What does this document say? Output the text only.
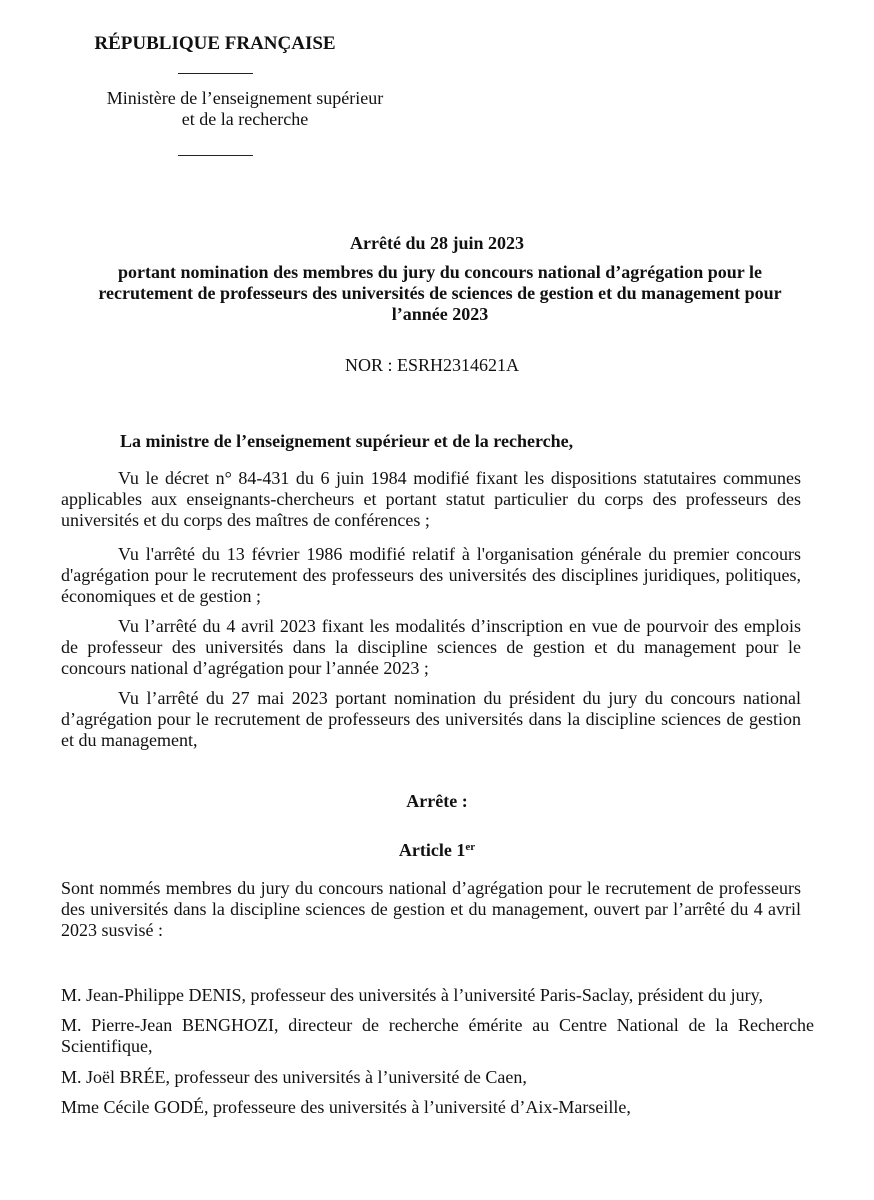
RÉPUBLIQUE FRANÇAISE

Ministère de l’enseignement supérieur
et de la recherche

Arrêté du 28 juin 2023

portant nomination des membres du jury du concours national d’agrégation pour le recrutement de professeurs des universités de sciences de gestion et du management pour l’année 2023

NOR : ESRH2314621A

La ministre de l’enseignement supérieur et de la recherche,

Vu le décret n° 84-431 du 6 juin 1984 modifié fixant les dispositions statutaires communes applicables aux enseignants-chercheurs et portant statut particulier du corps des professeurs des universités et du corps des maîtres de conférences ;

Vu l'arrêté du 13 février 1986 modifié relatif à l'organisation générale du premier concours d'agrégation pour le recrutement des professeurs des universités des disciplines juridiques, politiques, économiques et de gestion ;

Vu l’arrêté du 4 avril 2023 fixant les modalités d’inscription en vue de pourvoir des emplois de professeur des universités dans la discipline sciences de gestion et du management pour le concours national d’agrégation pour l’année 2023 ;

Vu l’arrêté du 27 mai 2023 portant nomination du président du jury du concours national d’agrégation pour le recrutement de professeurs des universités dans la discipline sciences de gestion et du management,

Arrête :

Article 1er

Sont nommés membres du jury du concours national d’agrégation pour le recrutement de professeurs des universités dans la discipline sciences de gestion et du management, ouvert par l’arrêté du 4 avril 2023 susvisé :

M. Jean-Philippe DENIS, professeur des universités à l’université Paris-Saclay, président du jury,

M. Pierre-Jean BENGHOZI, directeur de recherche émérite au Centre National de la Recherche Scientifique,

M. Joël BRÉE, professeur des universités à l’université de Caen,

Mme Cécile GODÉ, professeure des universités à l’université d’Aix-Marseille,
